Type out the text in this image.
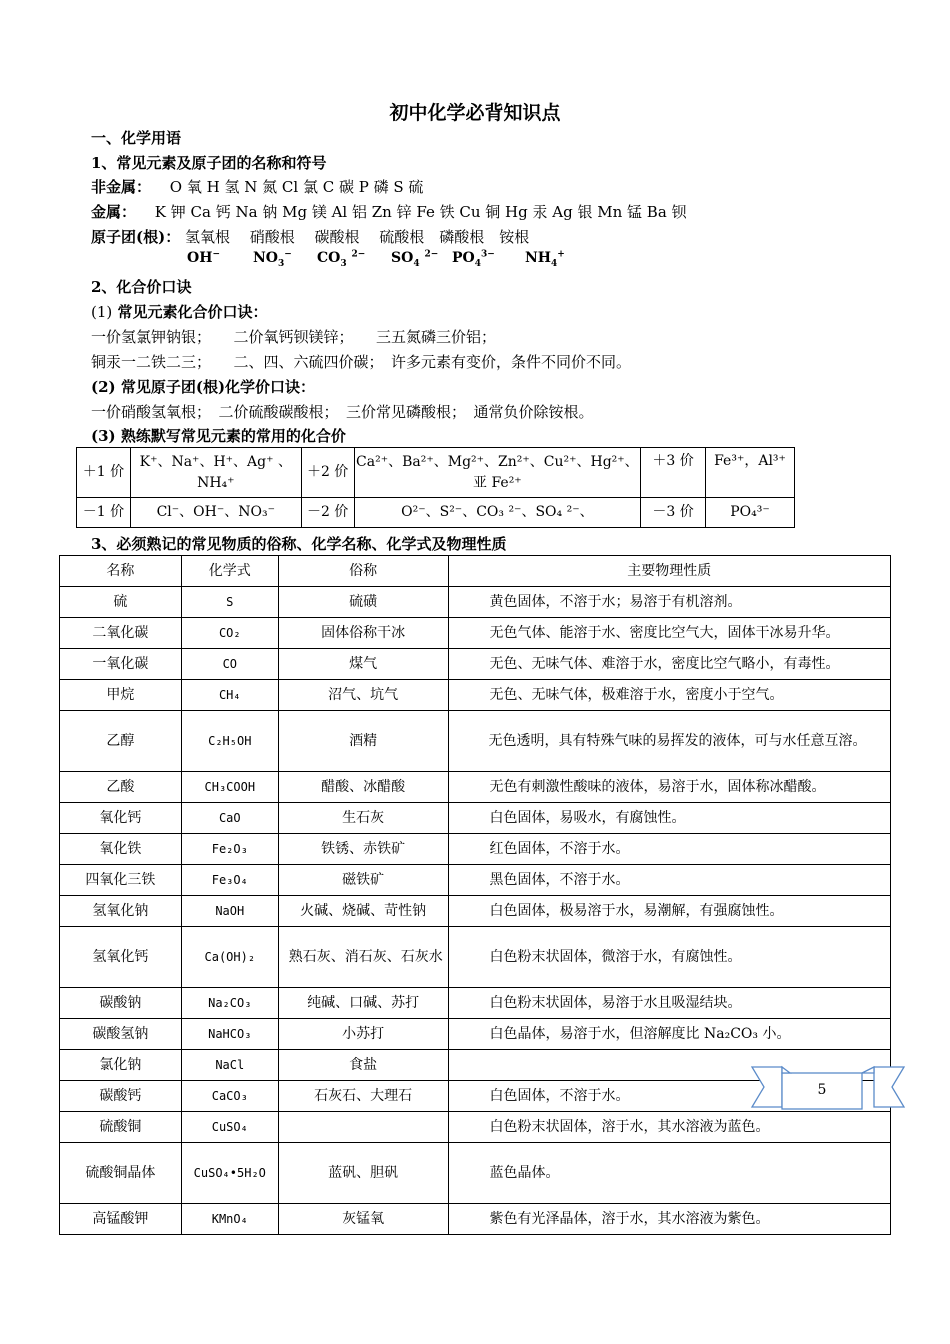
初中化学必背知识点
一、化学用语
1、常见元素及原子团的名称和符号
非金属： O 氧 H 氢 N 氮 Cl 氯 C 碳 P 磷 S 硫
金属： K 钾 Ca 钙 Na 钠 Mg 镁 Al 铝 Zn 锌 Fe 铁 Cu 铜 Hg 汞 Ag 银 Mn 锰 Ba 钡
原子团(根)： 氢氧根　 硝酸根　 碳酸根　 硫酸根　磷酸根　铵根
OH− $NO_3^-$ $CO_3$ $^{2-}$ $SO_4$ $^{2-}$ $PO_4^{3-}$ $NH_4^+$
2、化合价口诀
(1) 常见元素化合价口诀：
一价氢氯钾钠银；　　二价氧钙钡镁锌；　　三五氮磷三价铝；
铜汞一二铁二三；　　二、四、六硫四价碳；　许多元素有变价，条件不同价不同。
(2) 常见原子团(根)化学价口诀：
一价硝酸氢氧根；　二价硫酸碳酸根；　三价常见磷酸根；　通常负价除铵根。
(3) 熟练默写常见元素的常用的化合价
＋1 价	K⁺、Na⁺、H⁺、Ag⁺ 、NH₄⁺	＋2 价	Ca²⁺、Ba²⁺、Mg²⁺、Zn²⁺、Cu²⁺、Hg²⁺、亚 Fe²⁺	＋3 价	Fe³⁺，Al³⁺
－1 价	Cl⁻、OH⁻、NO₃⁻	－2 价	O²⁻、S²⁻、CO₃ ²⁻、SO₄ ²⁻、	－3 价	PO₄³⁻
3、必须熟记的常见物质的俗称、化学名称、化学式及物理性质
名称	化学式	俗称	主要物理性质
硫	S	硫磺	黄色固体，不溶于水；易溶于有机溶剂。
二氧化碳	CO₂	固体俗称干冰	无色气体、能溶于水、密度比空气大，固体干冰易升华。
一氧化碳	CO	煤气	无色、无味气体、难溶于水，密度比空气略小，有毒性。
甲烷	CH₄	沼气、坑气	无色、无味气体，极难溶于水，密度小于空气。
乙醇	C₂H₅OH	酒精	无色透明，具有特殊气味的易挥发的液体，可与水任意互溶。
乙酸	CH₃COOH	醋酸、冰醋酸	无色有刺激性酸味的液体，易溶于水，固体称冰醋酸。
氧化钙	CaO	生石灰	白色固体，易吸水，有腐蚀性。
氧化铁	Fe₂O₃	铁锈、赤铁矿	红色固体，不溶于水。
四氧化三铁	Fe₃O₄	磁铁矿	黑色固体，不溶于水。
氢氧化钠	NaOH	火碱、烧碱、苛性钠	白色固体，极易溶于水，易潮解，有强腐蚀性。
氢氧化钙	Ca(OH)₂	熟石灰、消石灰、石灰水	白色粉末状固体，微溶于水，有腐蚀性。
碳酸钠	Na₂CO₃	纯碱、口碱、苏打	白色粉末状固体，易溶于水且吸湿结块。
碳酸氢钠	NaHCO₃	小苏打	白色晶体，易溶于水，但溶解度比 Na₂CO₃ 小。
氯化钠	NaCl	食盐	
碳酸钙	CaCO₃	石灰石、大理石	白色固体，不溶于水。
硫酸铜	CuSO₄		白色粉末状固体，溶于水，其水溶液为蓝色。
硫酸铜晶体	CuSO₄•5H₂O	蓝矾、胆矾	蓝色晶体。
高锰酸钾	KMnO₄	灰锰氧	紫色有光泽晶体，溶于水，其水溶液为紫色。
5
